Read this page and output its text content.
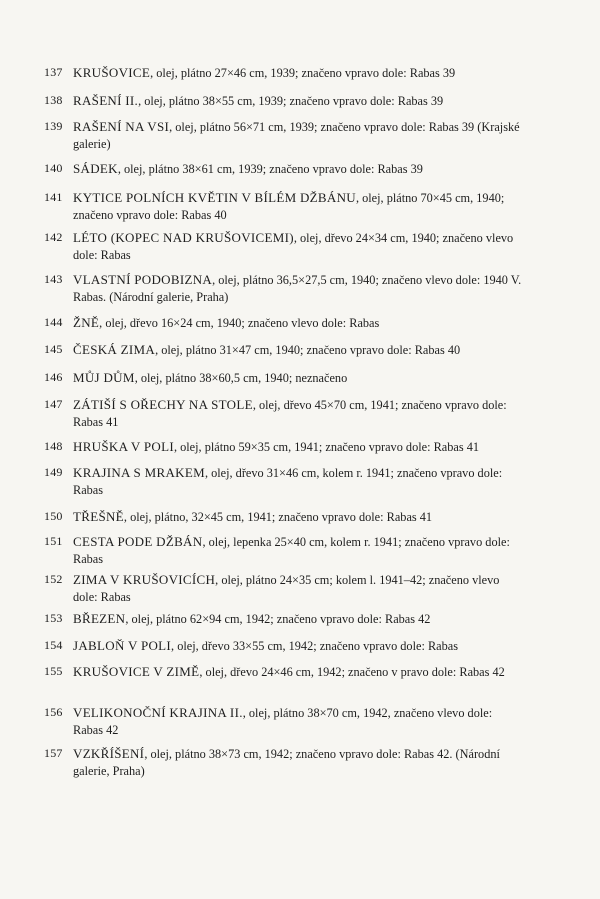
137 KRUŠOVICE, olej, plátno 27×46 cm, 1939; značeno vpravo dole: Rabas 39
138 RAŠENÍ II., olej, plátno 38×55 cm, 1939; značeno vpravo dole: Rabas 39
139 RAŠENÍ NA VSI, olej, plátno 56×71 cm, 1939; značeno vpravo dole: Rabas 39 (Krajské galerie)
140 SÁDEK, olej, plátno 38×61 cm, 1939; značeno vpravo dole: Rabas 39
141 KYTICE POLNÍCH KVĚTIN V BÍLÉM DŽBÁNU, olej, plátno 70×45 cm, 1940; značeno vpravo dole: Rabas 40
142 LÉTO (KOPEC NAD KRUŠOVICEMI), olej, dřevo 24×34 cm, 1940; značeno vlevo dole: Rabas
143 VLASTNÍ PODOBIZNA, olej, plátno 36,5×27,5 cm, 1940; značeno vlevo dole: 1940 V. Rabas. (Národní galerie, Praha)
144 ŽNĚ, olej, dřevo 16×24 cm, 1940; značeno vlevo dole: Rabas
145 ČESKÁ ZIMA, olej, plátno 31×47 cm, 1940; značeno vpravo dole: Rabas 40
146 MŮJ DŮM, olej, plátno 38×60,5 cm, 1940; neznačeno
147 ZÁTIŠÍ S OŘECHY NA STOLE, olej, dřevo 45×70 cm, 1941; značeno vpravo dole: Rabas 41
148 HRUŠKA V POLI, olej, plátno 59×35 cm, 1941; značeno vpravo dole: Rabas 41
149 KRAJINA S MRAKEM, olej, dřevo 31×46 cm, kolem r. 1941; značeno vpravo dole: Rabas
150 TŘEŠNĚ, olej, plátno, 32×45 cm, 1941; značeno vpravo dole: Rabas 41
151 CESTA PODE DŽBÁN, olej, lepenka 25×40 cm, kolem r. 1941; značeno vpravo dole: Rabas
152 ZIMA V KRUŠOVICÍCH, olej, plátno 24×35 cm; kolem l. 1941–42; značeno vlevo dole: Rabas
153 BŘEZEN, olej, plátno 62×94 cm, 1942; značeno vpravo dole: Rabas 42
154 JABLOŇ V POLI, olej, dřevo 33×55 cm, 1942; značeno vpravo dole: Rabas
155 KRUŠOVICE V ZIMĚ, olej, dřevo 24×46 cm, 1942; značeno v pravo dole: Rabas 42
156 VELIKONOČNÍ KRAJINA II., olej, plátno 38×70 cm, 1942, značeno vlevo dole: Rabas 42
157 VZKŘÍŠENÍ, olej, plátno 38×73 cm, 1942; značeno vpravo dole: Rabas 42. (Národní galerie, Praha)
